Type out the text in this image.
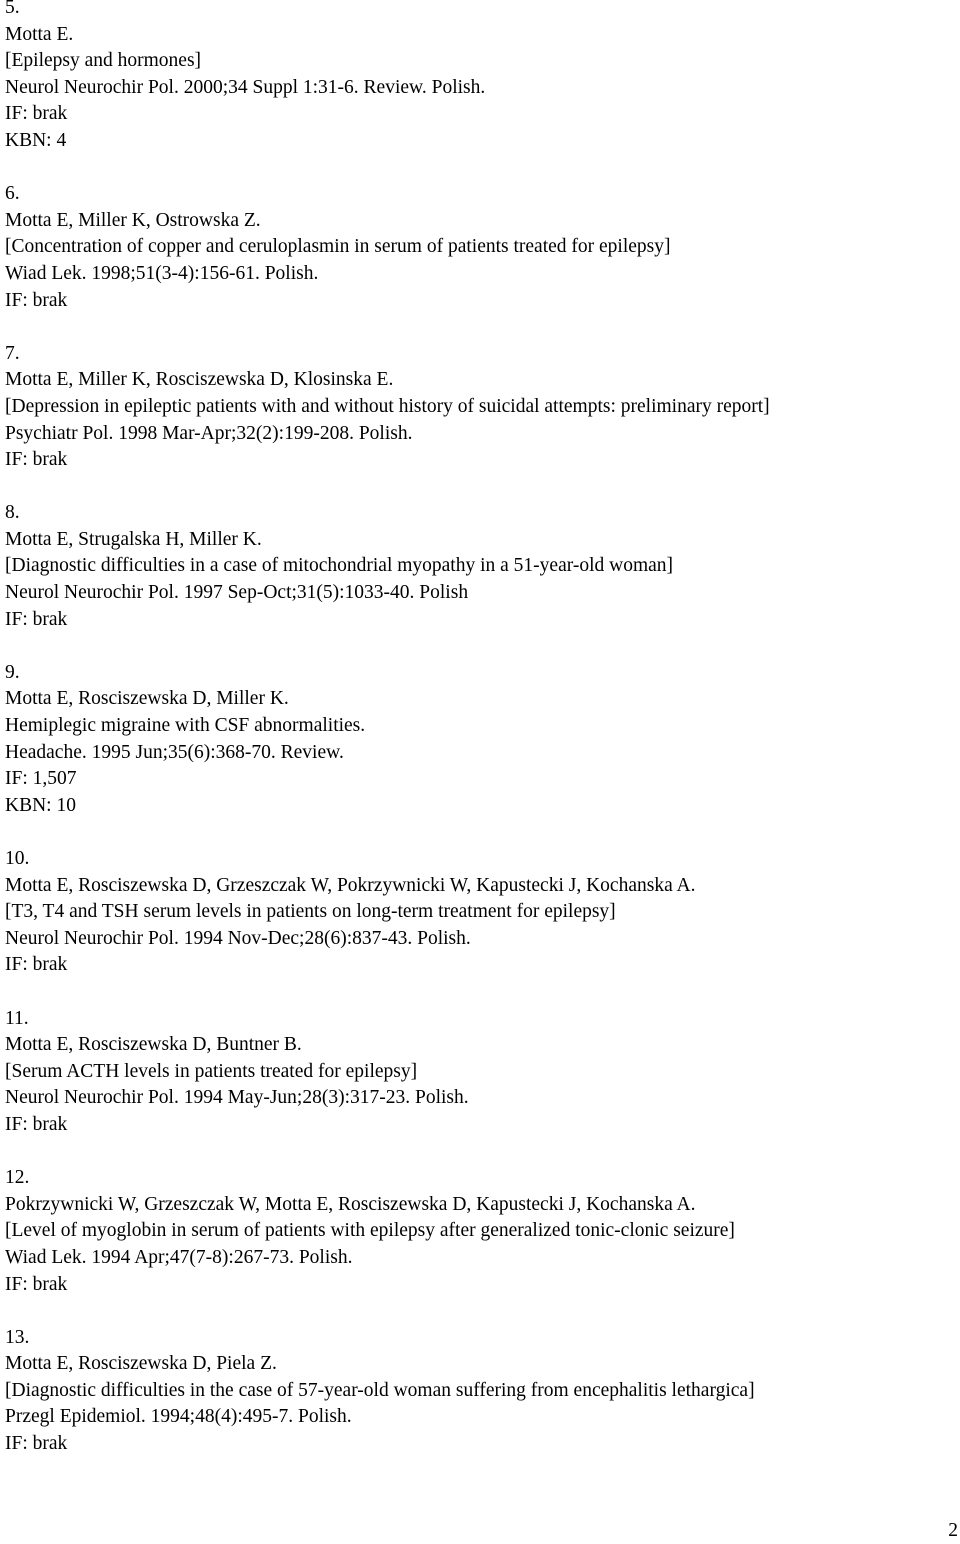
5.
Motta E.
[Epilepsy and hormones]
Neurol Neurochir Pol. 2000;34 Suppl 1:31-6. Review. Polish.
IF: brak
KBN: 4
6.
Motta E, Miller K, Ostrowska Z.
[Concentration of copper and ceruloplasmin in serum of patients treated for epilepsy]
Wiad Lek. 1998;51(3-4):156-61. Polish.
IF: brak
7.
Motta E, Miller K, Rosciszewska D, Klosinska E.
[Depression in epileptic patients with and without history of suicidal attempts: preliminary report]
Psychiatr Pol. 1998 Mar-Apr;32(2):199-208. Polish.
IF: brak
8.
Motta E, Strugalska H, Miller K.
[Diagnostic difficulties in a case of mitochondrial myopathy in a 51-year-old woman]
Neurol Neurochir Pol. 1997 Sep-Oct;31(5):1033-40. Polish
IF: brak
9.
Motta E, Rosciszewska D, Miller K.
Hemiplegic migraine with CSF abnormalities.
Headache. 1995 Jun;35(6):368-70. Review.
IF: 1,507
KBN: 10
10.
Motta E, Rosciszewska D, Grzeszczak W, Pokrzywnicki W, Kapustecki J, Kochanska A.
[T3, T4 and TSH serum levels in patients on long-term treatment for epilepsy]
Neurol Neurochir Pol. 1994 Nov-Dec;28(6):837-43. Polish.
IF: brak
11.
Motta E, Rosciszewska D, Buntner B.
[Serum ACTH levels in patients treated for epilepsy]
Neurol Neurochir Pol. 1994 May-Jun;28(3):317-23. Polish.
IF: brak
12.
Pokrzywnicki W, Grzeszczak W, Motta E, Rosciszewska D, Kapustecki J, Kochanska A.
[Level of myoglobin in serum of patients with epilepsy after generalized tonic-clonic seizure]
Wiad Lek. 1994 Apr;47(7-8):267-73. Polish.
IF: brak
13.
Motta E, Rosciszewska D, Piela Z.
[Diagnostic difficulties in the case of 57-year-old woman suffering from encephalitis lethargica]
Przegl Epidemiol. 1994;48(4):495-7. Polish.
IF: brak
2
